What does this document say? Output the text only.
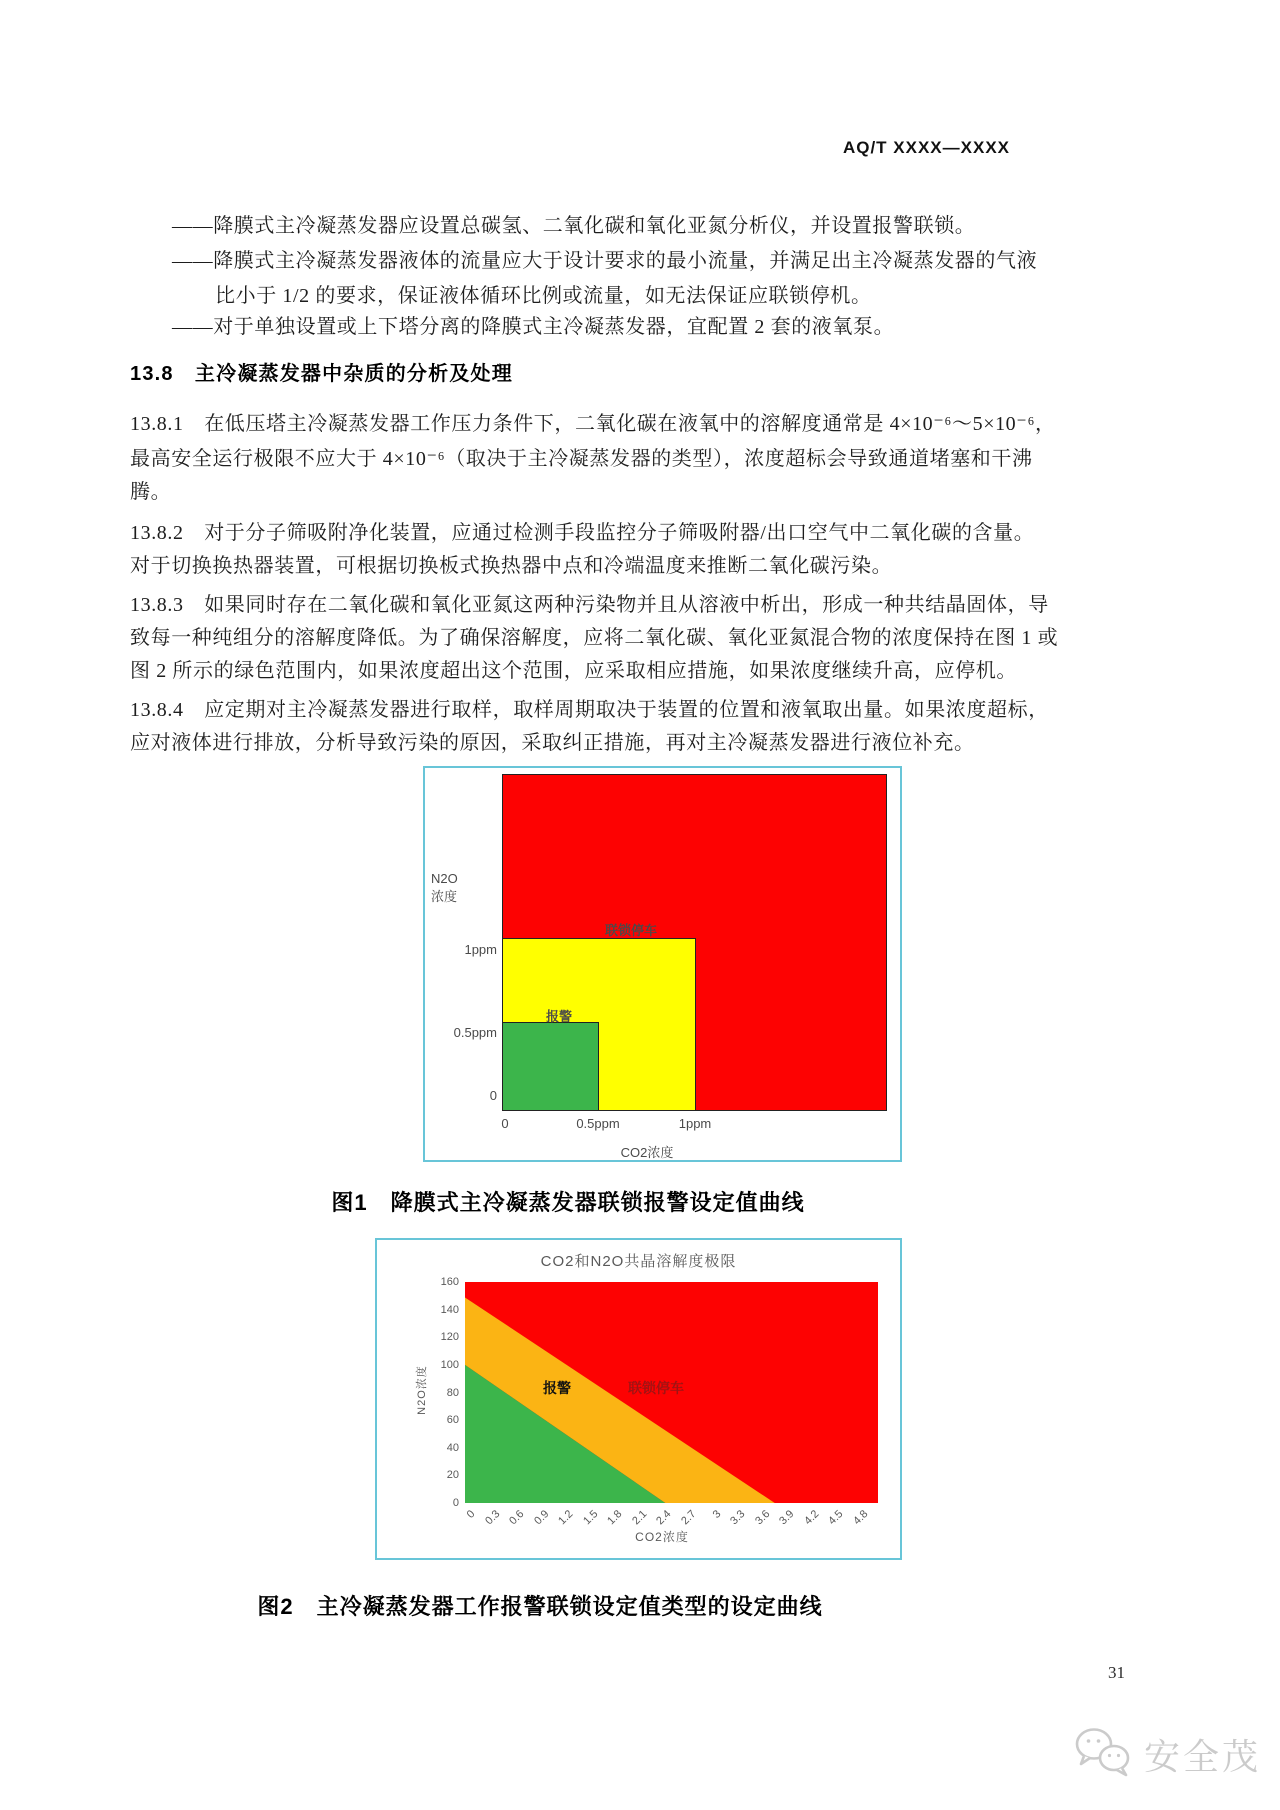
AQ/T XXXX—XXXX
——降膜式主冷凝蒸发器应设置总碳氢、二氧化碳和氧化亚氮分析仪，并设置报警联锁。
——降膜式主冷凝蒸发器液体的流量应大于设计要求的最小流量，并满足出主冷凝蒸发器的气液
比小于 1/2 的要求，保证液体循环比例或流量，如无法保证应联锁停机。
——对于单独设置或上下塔分离的降膜式主冷凝蒸发器，宜配置 2 套的液氧泵。
13.8　主冷凝蒸发器中杂质的分析及处理
13.8.1　在低压塔主冷凝蒸发器工作压力条件下，二氧化碳在液氧中的溶解度通常是 4×10⁻⁶～5×10⁻⁶，
最高安全运行极限不应大于 4×10⁻⁶（取决于主冷凝蒸发器的类型），浓度超标会导致通道堵塞和干沸
腾。
13.8.2　对于分子筛吸附净化装置，应通过检测手段监控分子筛吸附器/出口空气中二氧化碳的含量。
对于切换换热器装置，可根据切换板式换热器中点和冷端温度来推断二氧化碳污染。
13.8.3　如果同时存在二氧化碳和氧化亚氮这两种污染物并且从溶液中析出，形成一种共结晶固体，导
致每一种纯组分的溶解度降低。为了确保溶解度，应将二氧化碳、氧化亚氮混合物的浓度保持在图 1 或
图 2 所示的绿色范围内，如果浓度超出这个范围，应采取相应措施，如果浓度继续升高，应停机。
13.8.4　应定期对主冷凝蒸发器进行取样，取样周期取决于装置的位置和液氧取出量。如果浓度超标，
应对液体进行排放，分析导致污染的原因，采取纠正措施，再对主冷凝蒸发器进行液位补充。
N2O
浓度
1ppm
0.5ppm
0
0	0.5ppm	1ppm
CO2浓度
联锁停车
报警
图1　降膜式主冷凝蒸发器联锁报警设定值曲线
CO2和N2O共晶溶解度极限
报警	联锁停车
N2O浓度
CO2浓度
160
140
120
100
80
60
40
20
0
0 0.3 0.6 0.9 1.2 1.5 1.8 2.1 2.4 2.7 3 3.3 3.6 3.9 4.2 4.5 4.8
图2　主冷凝蒸发器工作报警联锁设定值类型的设定曲线
31
安全茂
